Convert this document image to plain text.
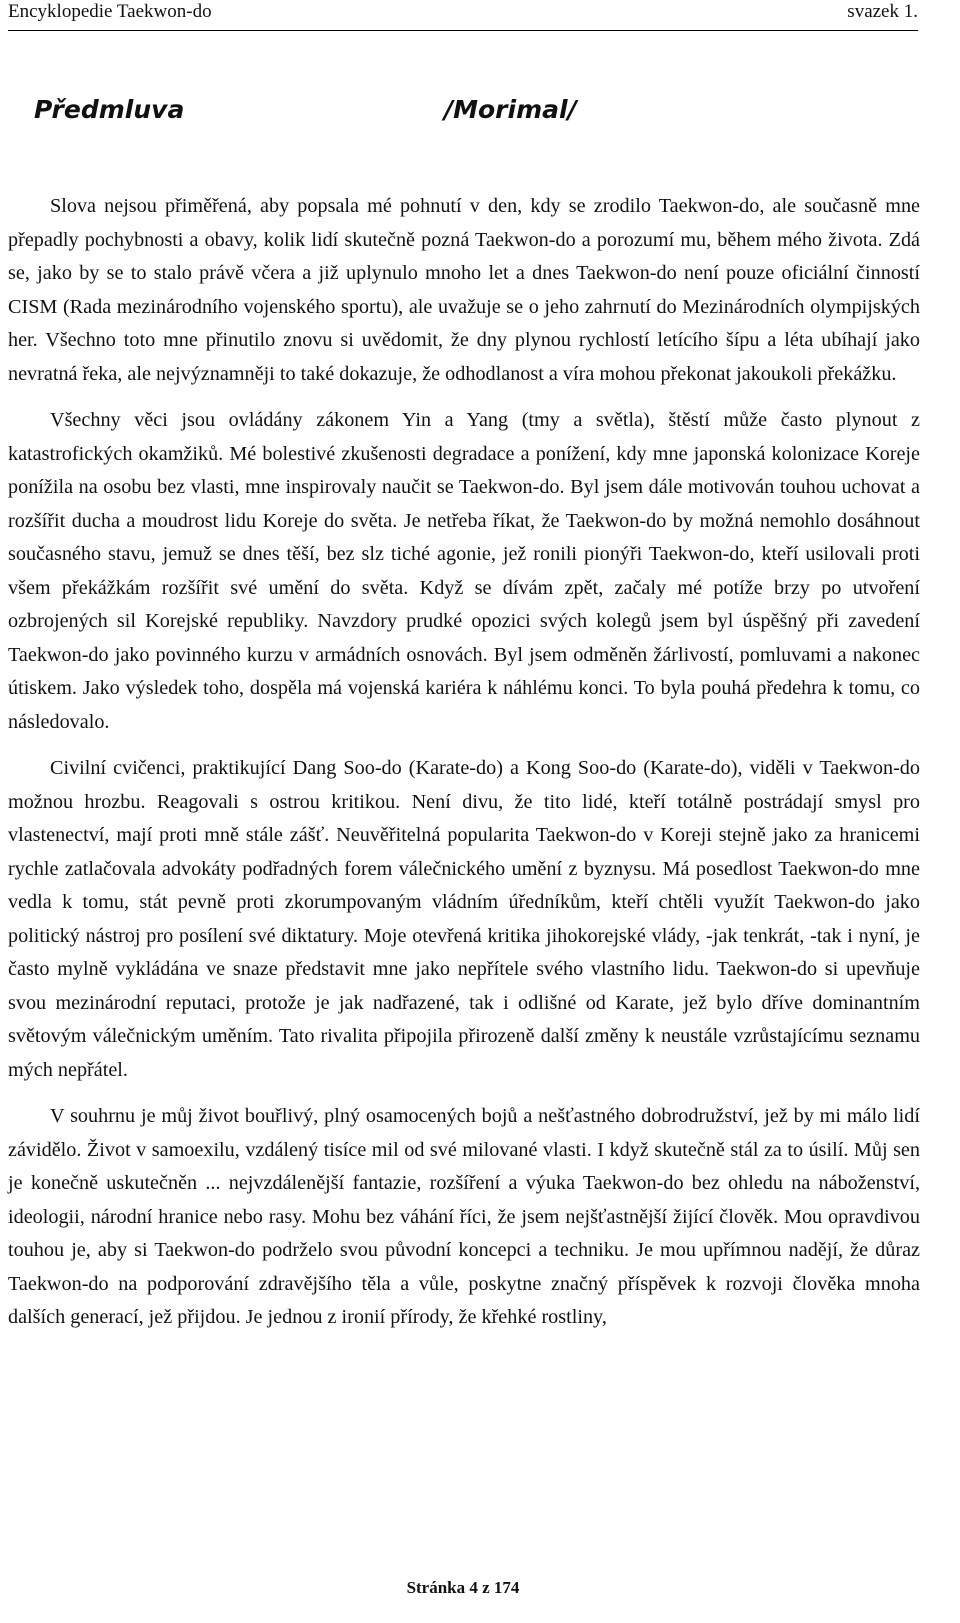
Encyklopedie Taekwon-do	svazek 1.
Předmluva	/Morimal/

Slova nejsou přiměřená, aby popsala mé pohnutí v den, kdy se zrodilo Taekwon-do, ale současně mne přepadly pochybnosti a obavy, kolik lidí skutečně pozná Taekwon-do a porozumí mu, během mého života. Zdá se, jako by se to stalo právě včera a již uplynulo mnoho let a dnes Taekwon-do není pouze oficiální činností CISM (Rada mezinárodního vojenského sportu), ale uvažuje se o jeho zahrnutí do Mezinárodních olympijských her. Všechno toto mne přinutilo znovu si uvědomit, že dny plynou rychlostí letícího šípu a léta ubíhají jako nevratná řeka, ale nejvýznamněji to také dokazuje, že odhodlanost a víra mohou překonat jakoukoli překážku.

Všechny věci jsou ovládány zákonem Yin a Yang (tmy a světla), štěstí může často plynout z katastrofických okamžiků. Mé bolestivé zkušenosti degradace a ponížení, kdy mne japonská kolonizace Koreje ponížila na osobu bez vlasti, mne inspirovaly naučit se Taekwon-do. Byl jsem dále motivován touhou uchovat a rozšířit ducha a moudrost lidu Koreje do světa. Je netřeba říkat, že Taekwon-do by možná nemohlo dosáhnout současného stavu, jemuž se dnes těší, bez slz tiché agonie, jež ronili pionýři Taekwon-do, kteří usilovali proti všem překážkám rozšířit své umění do světa. Když se dívám zpět, začaly mé potíže brzy po utvoření ozbrojených sil Korejské republiky. Navzdory prudké opozici svých kolegů jsem byl úspěšný při zavedení Taekwon-do jako povinného kurzu v armádních osnovách. Byl jsem odměněn žárlivostí, pomluvami a nakonec útiskem. Jako výsledek toho, dospěla má vojenská kariéra k náhlému konci. To byla pouhá předehra k tomu, co následovalo.

Civilní cvičenci, praktikující Dang Soo-do (Karate-do) a Kong Soo-do (Karate-do), viděli v Taekwon-do možnou hrozbu. Reagovali s ostrou kritikou. Není divu, že tito lidé, kteří totálně postrádají smysl pro vlastenectví, mají proti mně stále zášť. Neuvěřitelná popularita Taekwon-do v Koreji stejně jako za hranicemi rychle zatlačovala advokáty podřadných forem válečnického umění z byznysu. Má posedlost Taekwon-do mne vedla k tomu, stát pevně proti zkorumpovaným vládním úředníkům, kteří chtěli využít Taekwon-do jako politický nástroj pro posílení své diktatury. Moje otevřená kritika jihokorejské vlády, -jak tenkrát, -tak i nyní, je často mylně vykládána ve snaze představit mne jako nepřítele svého vlastního lidu. Taekwon-do si upevňuje svou mezinárodní reputaci, protože je jak nadřazené, tak i odlišné od Karate, jež bylo dříve dominantním světovým válečnickým uměním. Tato rivalita připojila přirozeně další změny k neustále vzrůstajícímu seznamu mých nepřátel.

V souhrnu je můj život bouřlivý, plný osamocených bojů a nešťastného dobrodružství, jež by mi málo lidí závidělo. Život v samoexilu, vzdálený tisíce mil od své milované vlasti. I když skutečně stál za to úsilí. Můj sen je konečně uskutečněn ... nejvzdálenější fantazie, rozšíření a výuka Taekwon-do bez ohledu na náboženství, ideologii, národní hranice nebo rasy. Mohu bez váhání říci, že jsem nejšťastnější žijící člověk. Mou opravdivou touhou je, aby si Taekwon-do podrželo svou původní koncepci a techniku. Je mou upřímnou nadějí, že důraz Taekwon-do na podporování zdravějšího těla a vůle, poskytne značný příspěvek k rozvoji člověka mnoha dalších generací, jež přijdou. Je jednou z ironií přírody, že křehké rostliny,

Stránka 4 z 174
